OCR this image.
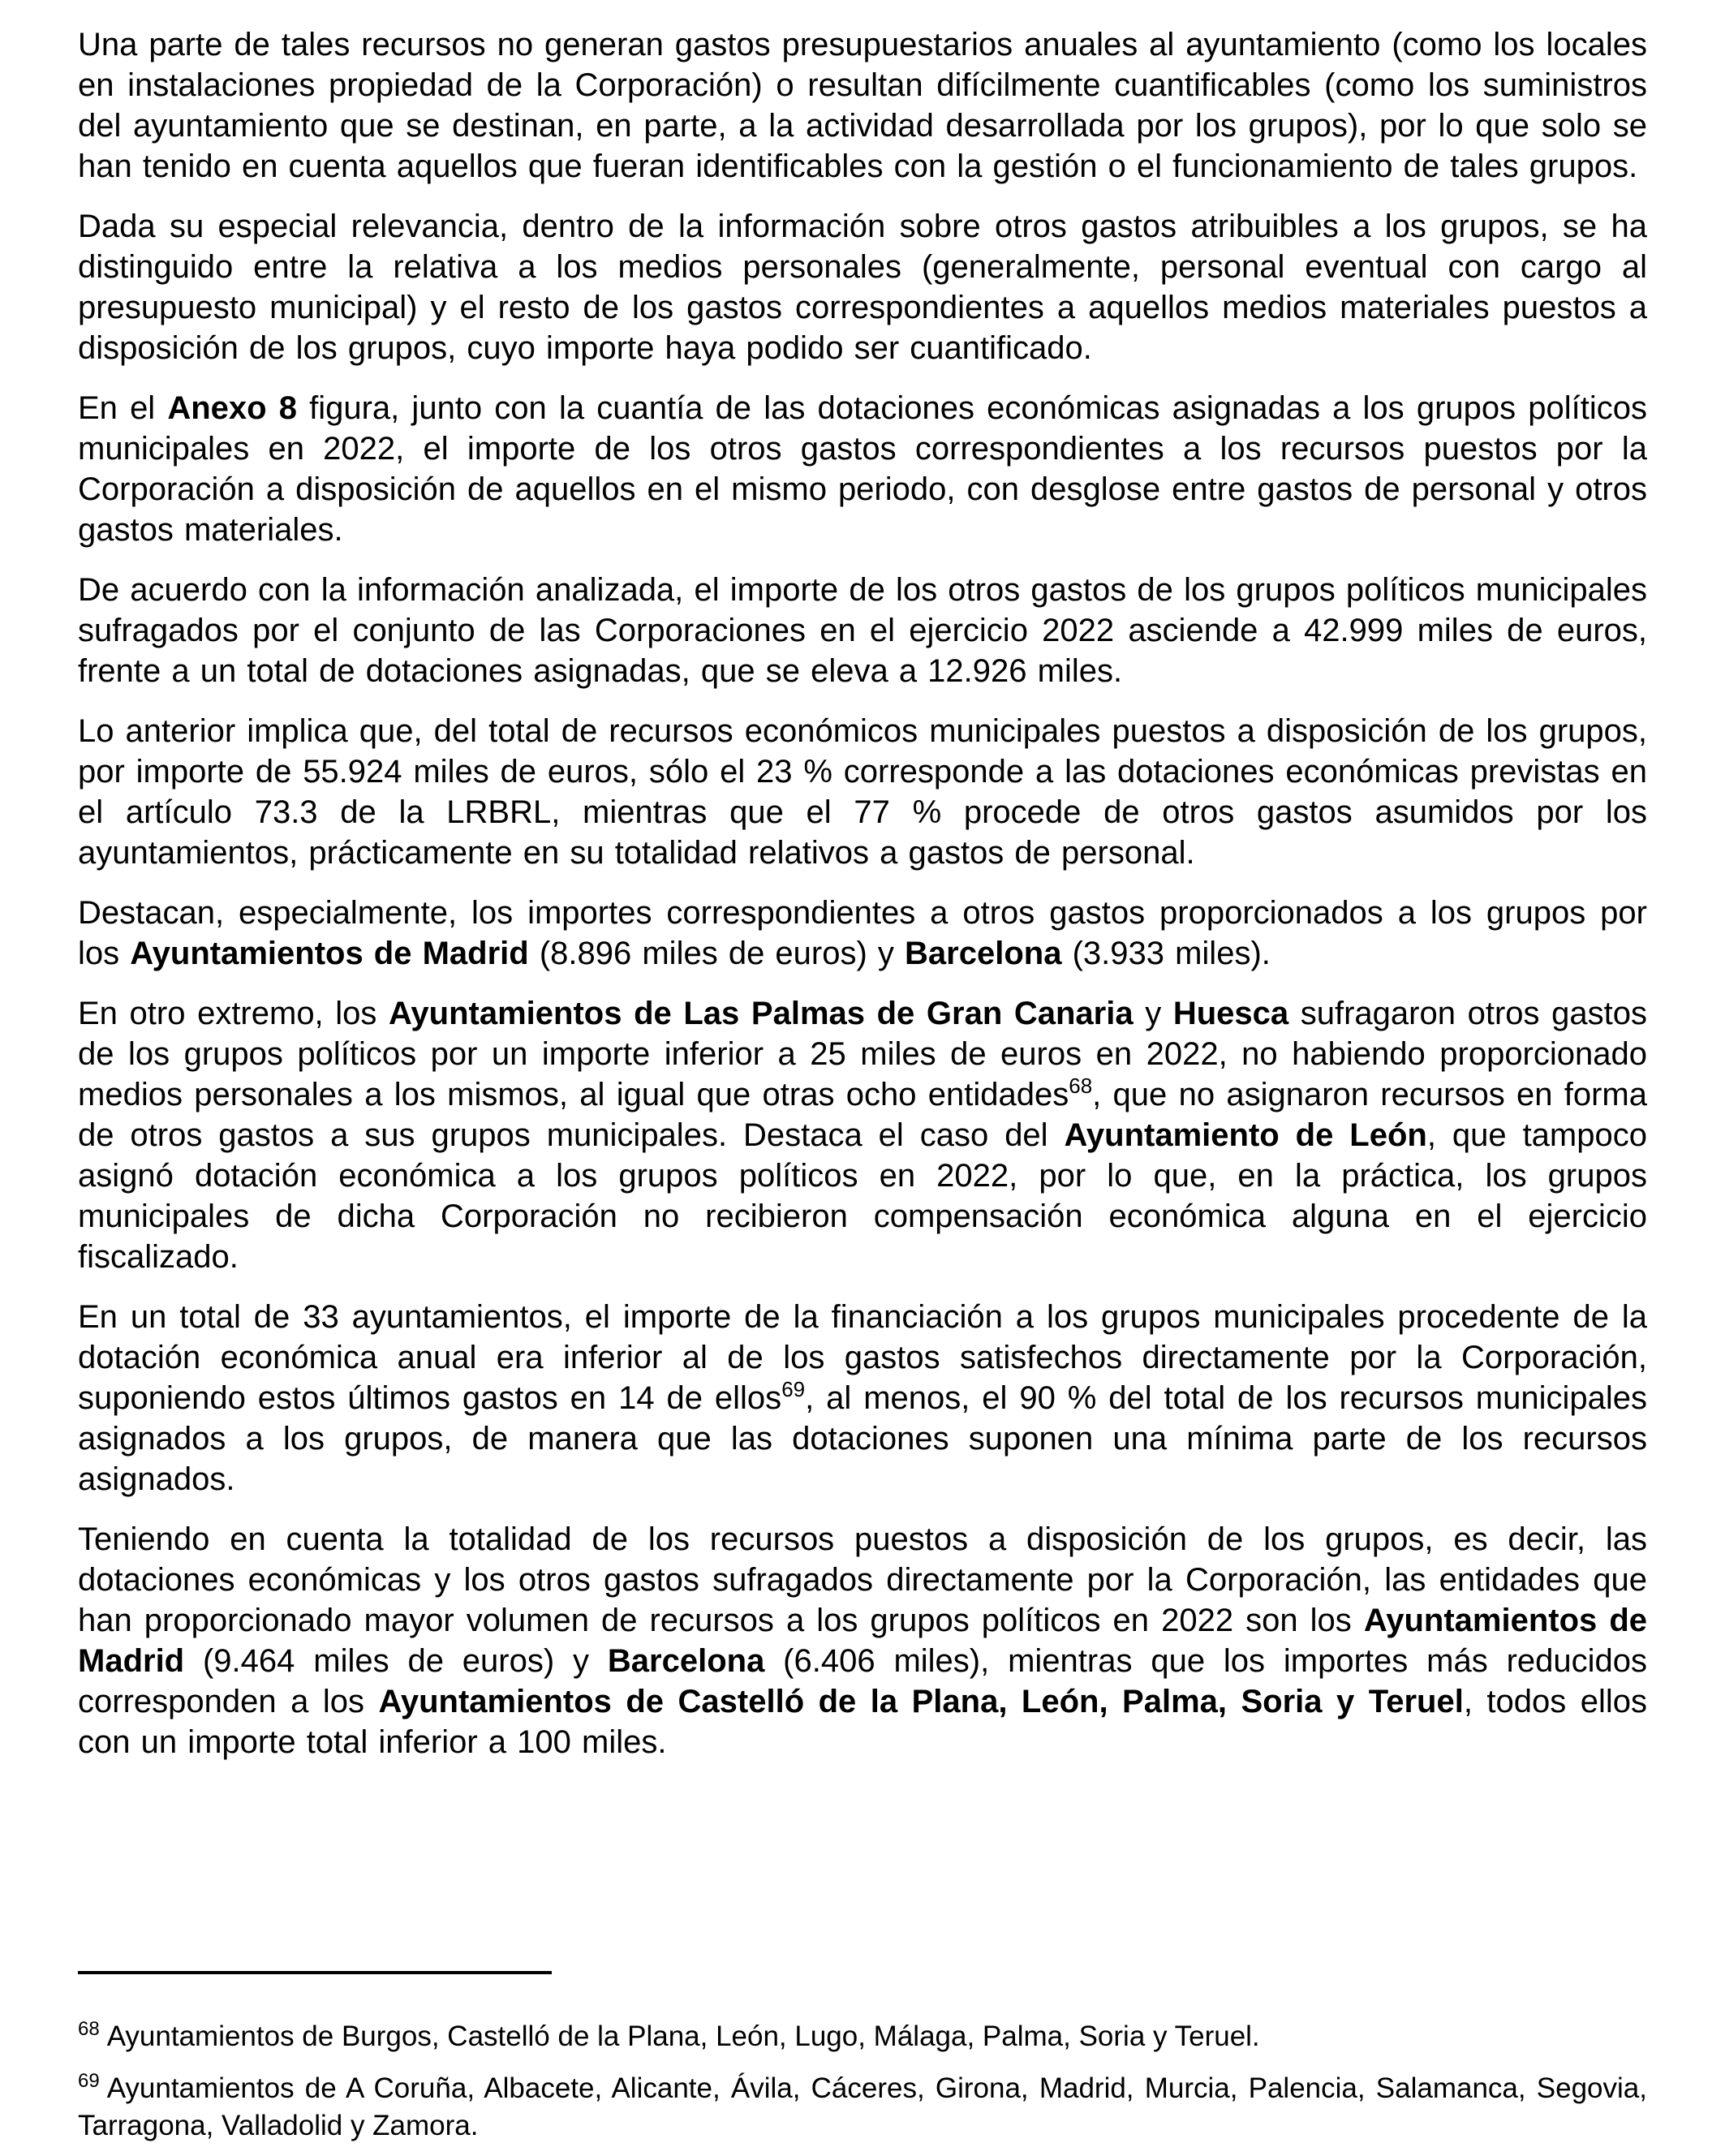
Una parte de tales recursos no generan gastos presupuestarios anuales al ayuntamiento (como los locales en instalaciones propiedad de la Corporación) o resultan difícilmente cuantificables (como los suministros del ayuntamiento que se destinan, en parte, a la actividad desarrollada por los grupos), por lo que solo se han tenido en cuenta aquellos que fueran identificables con la gestión o el funcionamiento de tales grupos.

Dada su especial relevancia, dentro de la información sobre otros gastos atribuibles a los grupos, se ha distinguido entre la relativa a los medios personales (generalmente, personal eventual con cargo al presupuesto municipal) y el resto de los gastos correspondientes a aquellos medios materiales puestos a disposición de los grupos, cuyo importe haya podido ser cuantificado.

En el Anexo 8 figura, junto con la cuantía de las dotaciones económicas asignadas a los grupos políticos municipales en 2022, el importe de los otros gastos correspondientes a los recursos puestos por la Corporación a disposición de aquellos en el mismo periodo, con desglose entre gastos de personal y otros gastos materiales.

De acuerdo con la información analizada, el importe de los otros gastos de los grupos políticos municipales sufragados por el conjunto de las Corporaciones en el ejercicio 2022 asciende a 42.999 miles de euros, frente a un total de dotaciones asignadas, que se eleva a 12.926 miles.

Lo anterior implica que, del total de recursos económicos municipales puestos a disposición de los grupos, por importe de 55.924 miles de euros, sólo el 23 % corresponde a las dotaciones económicas previstas en el artículo 73.3 de la LRBRL, mientras que el 77 % procede de otros gastos asumidos por los ayuntamientos, prácticamente en su totalidad relativos a gastos de personal.

Destacan, especialmente, los importes correspondientes a otros gastos proporcionados a los grupos por los Ayuntamientos de Madrid (8.896 miles de euros) y Barcelona (3.933 miles).

En otro extremo, los Ayuntamientos de Las Palmas de Gran Canaria y Huesca sufragaron otros gastos de los grupos políticos por un importe inferior a 25 miles de euros en 2022, no habiendo proporcionado medios personales a los mismos, al igual que otras ocho entidades$^{68}$, que no asignaron recursos en forma de otros gastos a sus grupos municipales. Destaca el caso del Ayuntamiento de León, que tampoco asignó dotación económica a los grupos políticos en 2022, por lo que, en la práctica, los grupos municipales de dicha Corporación no recibieron compensación económica alguna en el ejercicio fiscalizado.

En un total de 33 ayuntamientos, el importe de la financiación a los grupos municipales procedente de la dotación económica anual era inferior al de los gastos satisfechos directamente por la Corporación, suponiendo estos últimos gastos en 14 de ellos$^{69}$, al menos, el 90 % del total de los recursos municipales asignados a los grupos, de manera que las dotaciones suponen una mínima parte de los recursos asignados.

Teniendo en cuenta la totalidad de los recursos puestos a disposición de los grupos, es decir, las dotaciones económicas y los otros gastos sufragados directamente por la Corporación, las entidades que han proporcionado mayor volumen de recursos a los grupos políticos en 2022 son los Ayuntamientos de Madrid (9.464 miles de euros) y Barcelona (6.406 miles), mientras que los importes más reducidos corresponden a los Ayuntamientos de Castelló de la Plana, León, Palma, Soria y Teruel, todos ellos con un importe total inferior a 100 miles.

$^{68}$ Ayuntamientos de Burgos, Castelló de la Plana, León, Lugo, Málaga, Palma, Soria y Teruel.

$^{69}$ Ayuntamientos de A Coruña, Albacete, Alicante, Ávila, Cáceres, Girona, Madrid, Murcia, Palencia, Salamanca, Segovia, Tarragona, Valladolid y Zamora.
